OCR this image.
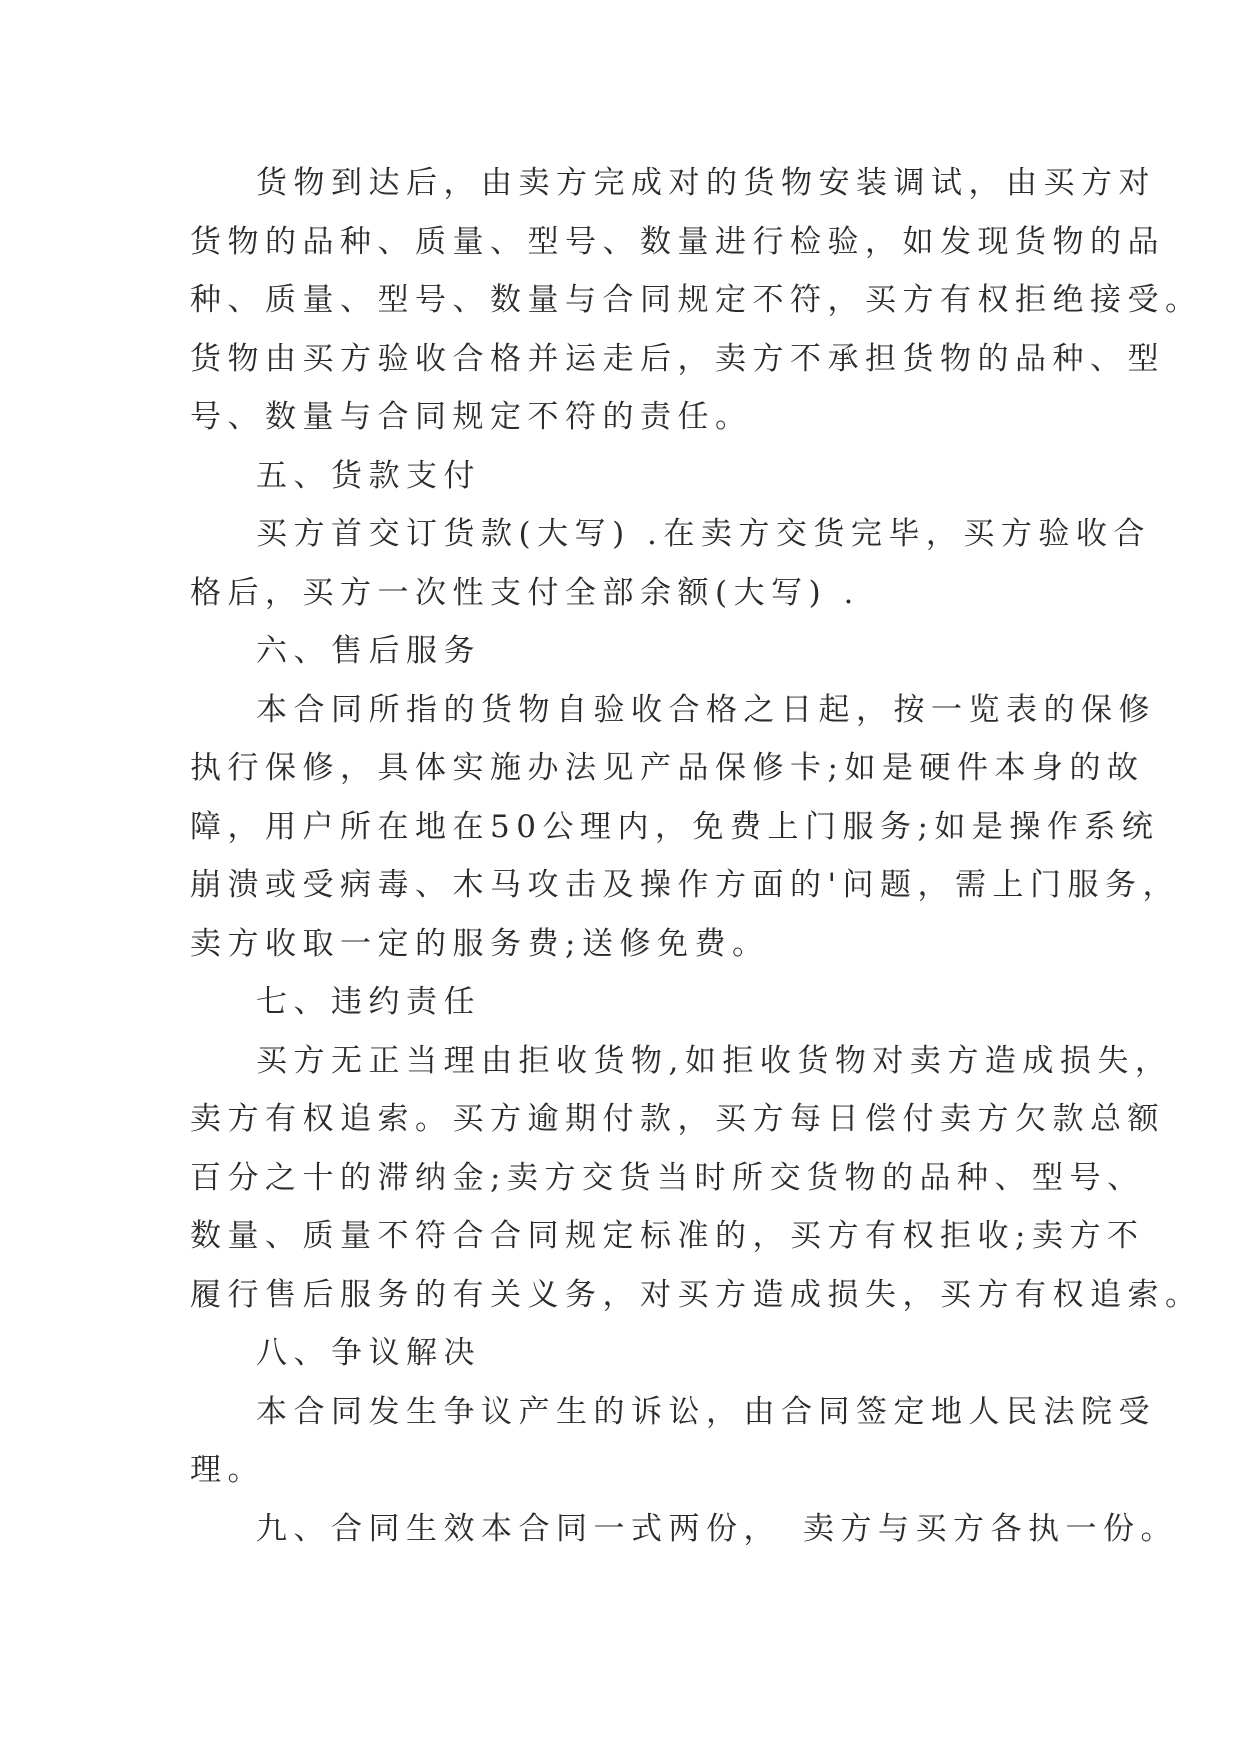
货物到达后，由卖方完成对的货物安装调试，由买方对
货物的品种、质量、型号、数量进行检验，如发现货物的品
种、质量、型号、数量与合同规定不符，买方有权拒绝接受。
货物由买方验收合格并运走后，卖方不承担货物的品种、型
号、数量与合同规定不符的责任。
五、货款支付
买方首交订货款(大写) .在卖方交货完毕，买方验收合
格后，买方一次性支付全部余额(大写) .
六、售后服务
本合同所指的货物自验收合格之日起，按一览表的保修
执行保修，具体实施办法见产品保修卡;如是硬件本身的故
障，用户所在地在50公理内，免费上门服务;如是操作系统
崩溃或受病毒、木马攻击及操作方面的'问题，需上门服务，
卖方收取一定的服务费;送修免费。
七、违约责任
买方无正当理由拒收货物,如拒收货物对卖方造成损失，
卖方有权追索。买方逾期付款，买方每日偿付卖方欠款总额
百分之十的滞纳金;卖方交货当时所交货物的品种、型号、
数量、质量不符合合同规定标准的，买方有权拒收;卖方不
履行售后服务的有关义务，对买方造成损失，买方有权追索。
八、争议解决
本合同发生争议产生的诉讼，由合同签定地人民法院受
理。
九、合同生效本合同一式两份，　卖方与买方各执一份。
